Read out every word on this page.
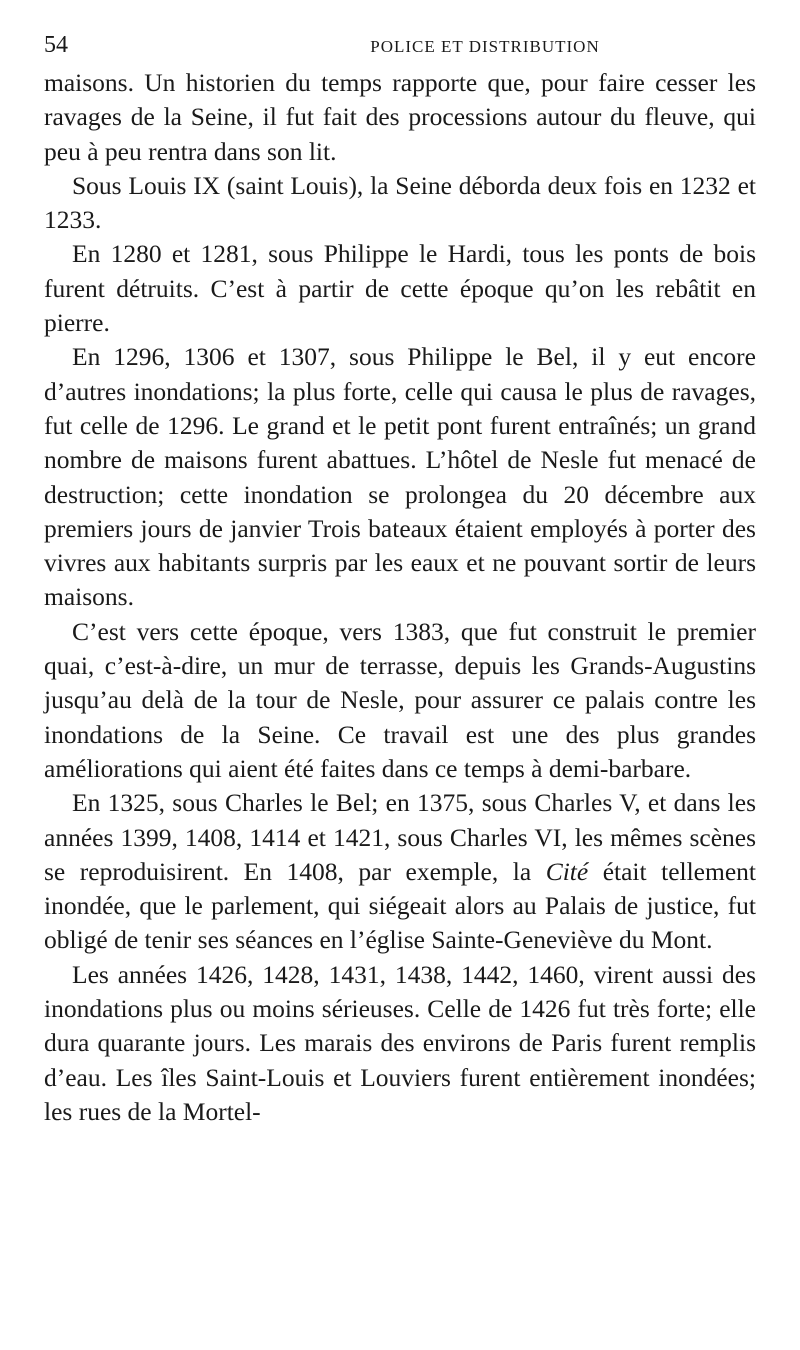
54	POLICE ET DISTRIBUTION

maisons. Un historien du temps rapporte que, pour faire cesser les ravages de la Seine, il fut fait des processions autour du fleuve, qui peu à peu rentra dans son lit.

Sous Louis IX (saint Louis), la Seine déborda deux fois en 1232 et 1233.

En 1280 et 1281, sous Philippe le Hardi, tous les ponts de bois furent détruits. C’est à partir de cette époque qu’on les rebâtit en pierre.

En 1296, 1306 et 1307, sous Philippe le Bel, il y eut encore d’autres inondations; la plus forte, celle qui causa le plus de ravages, fut celle de 1296. Le grand et le petit pont furent entraînés; un grand nombre de maisons furent abattues. L’hôtel de Nesle fut menacé de destruction; cette inondation se prolongea du 20 décembre aux premiers jours de janvier Trois bateaux étaient employés à porter des vivres aux habitants surpris par les eaux et ne pouvant sortir de leurs maisons.

C’est vers cette époque, vers 1383, que fut construit le premier quai, c’est-à-dire, un mur de terrasse, depuis les Grands-Augustins jusqu’au delà de la tour de Nesle, pour assurer ce palais contre les inondations de la Seine. Ce travail est une des plus grandes améliorations qui aient été faites dans ce temps à demi-barbare.

En 1325, sous Charles le Bel; en 1375, sous Charles V, et dans les années 1399, 1408, 1414 et 1421, sous Charles VI, les mêmes scènes se reproduisirent. En 1408, par exemple, la Cité était tellement inondée, que le parlement, qui siégeait alors au Palais de justice, fut obligé de tenir ses séances en l’église Sainte-Geneviève du Mont.

Les années 1426, 1428, 1431, 1438, 1442, 1460, virent aussi des inondations plus ou moins sérieuses. Celle de 1426 fut très forte; elle dura quarante jours. Les marais des environs de Paris furent remplis d’eau. Les îles Saint-Louis et Louviers furent entièrement inondées; les rues de la Mortel-
